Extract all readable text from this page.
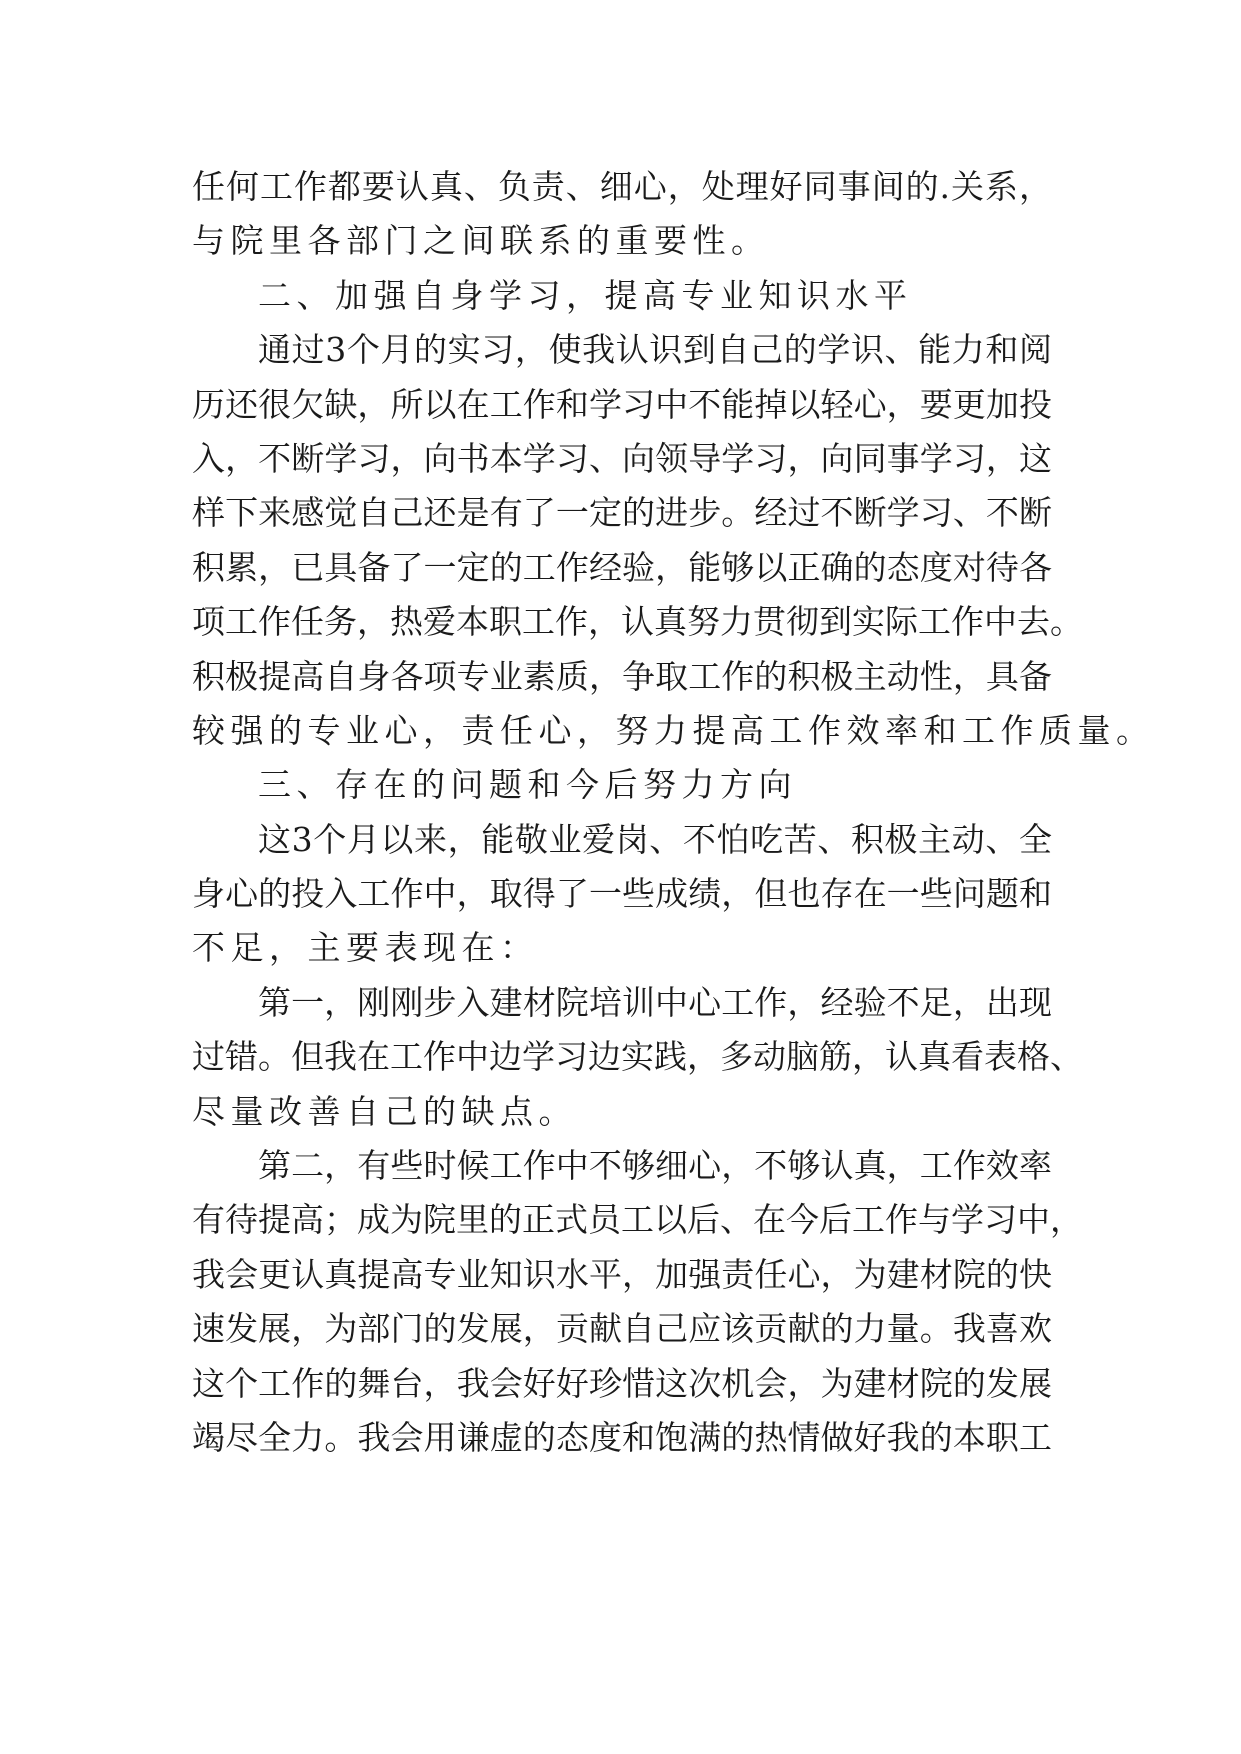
任何工作都要认真、负责、细心，处理好同事间的.关系，
与院里各部门之间联系的重要性。
二、加强自身学习，提高专业知识水平
通过3个月的实习，使我认识到自己的学识、能力和阅
历还很欠缺，所以在工作和学习中不能掉以轻心，要更加投
入，不断学习，向书本学习、向领导学习，向同事学习，这
样下来感觉自己还是有了一定的进步。经过不断学习、不断
积累，已具备了一定的工作经验，能够以正确的态度对待各
项工作任务，热爱本职工作，认真努力贯彻到实际工作中去。
积极提高自身各项专业素质，争取工作的积极主动性，具备
较强的专业心，责任心，努力提高工作效率和工作质量。
三、存在的问题和今后努力方向
这3个月以来，能敬业爱岗、不怕吃苦、积极主动、全
身心的投入工作中，取得了一些成绩，但也存在一些问题和
不足，主要表现在：
第一，刚刚步入建材院培训中心工作，经验不足，出现
过错。但我在工作中边学习边实践，多动脑筋，认真看表格、
尽量改善自己的缺点。
第二，有些时候工作中不够细心，不够认真，工作效率
有待提高；成为院里的正式员工以后、在今后工作与学习中，
我会更认真提高专业知识水平，加强责任心，为建材院的快
速发展，为部门的发展，贡献自己应该贡献的力量。我喜欢
这个工作的舞台，我会好好珍惜这次机会，为建材院的发展
竭尽全力。我会用谦虚的态度和饱满的热情做好我的本职工
